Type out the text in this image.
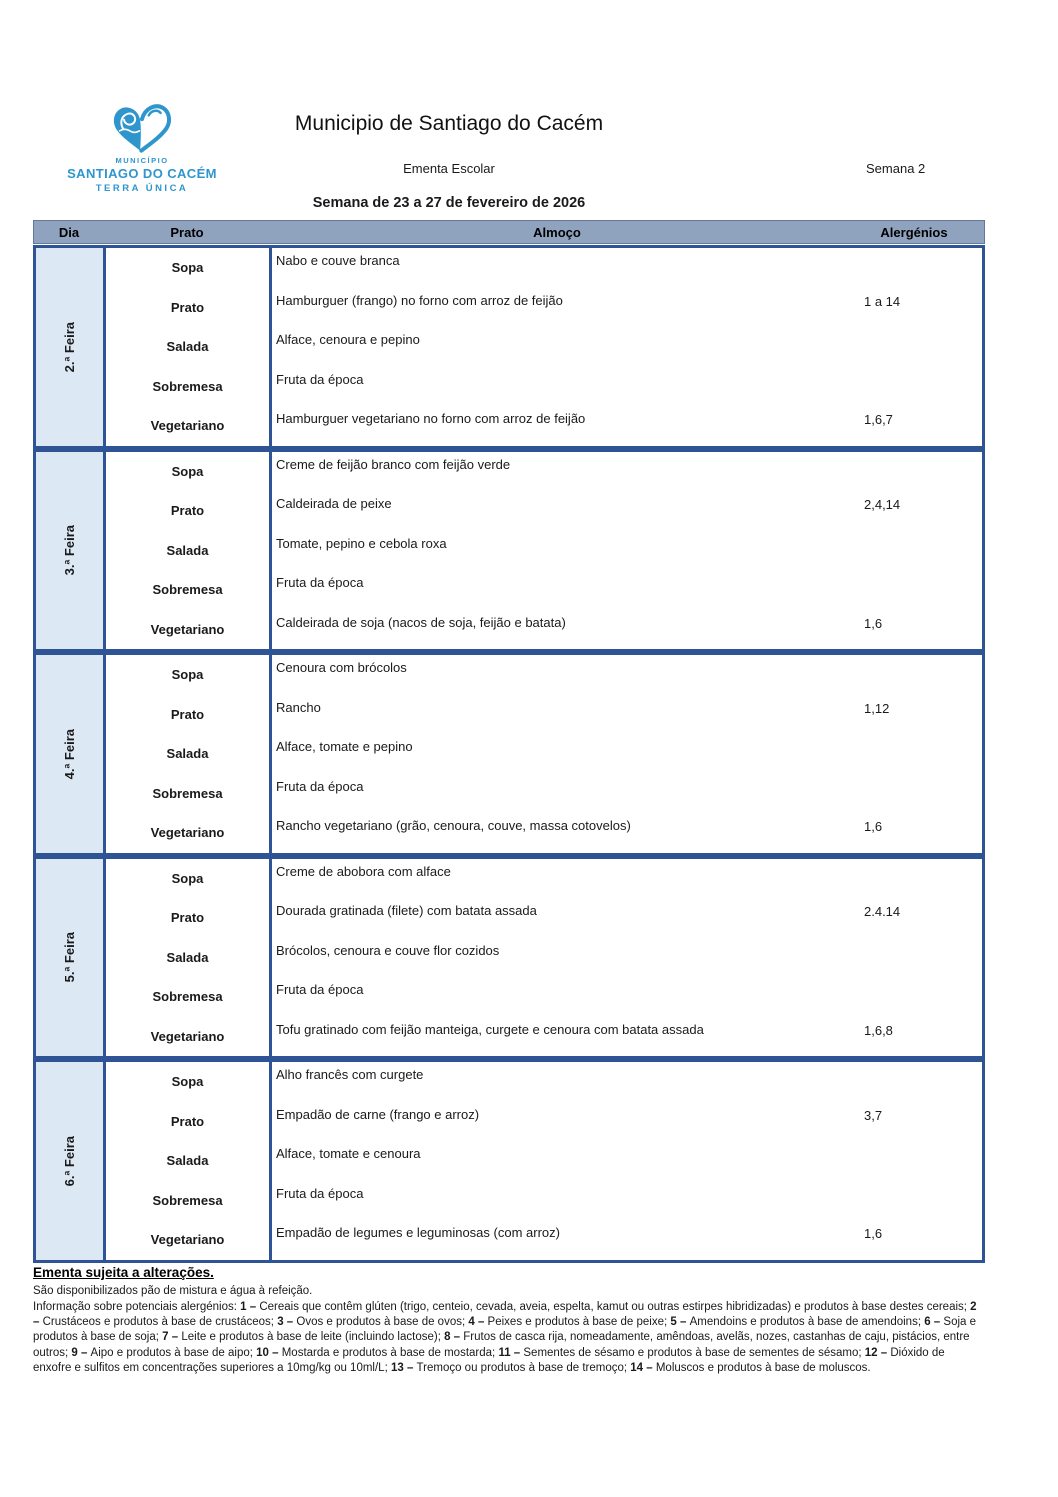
MUNICÍPIO
SANTIAGO DO CACÉM
TERRA ÚNICA
Municipio de Santiago do Cacém
Ementa Escolar	Semana 2
Semana de 23 a 27 de fevereiro de 2026
Dia	Prato	Almoço	Alergénios
2.ª Feira
Sopa	Nabo e couve branca
Prato	Hamburguer (frango) no forno com arroz de feijão	1 a 14
Salada	Alface, cenoura e pepino
Sobremesa	Fruta da época
Vegetariano	Hamburguer vegetariano no forno com arroz de feijão	1,6,7
3.ª Feira
Sopa	Creme de feijão branco com feijão verde
Prato	Caldeirada de peixe	2,4,14
Salada	Tomate, pepino e cebola roxa
Sobremesa	Fruta da época
Vegetariano	Caldeirada de soja (nacos de soja, feijão e batata)	1,6
4.ª Feira
Sopa	Cenoura com brócolos
Prato	Rancho	1,12
Salada	Alface, tomate e pepino
Sobremesa	Fruta da época
Vegetariano	Rancho vegetariano (grão, cenoura, couve, massa cotovelos)	1,6
5.ª Feira
Sopa	Creme de abobora com alface
Prato	Dourada gratinada (filete) com batata assada	2.4.14
Salada	Brócolos, cenoura e couve flor cozidos
Sobremesa	Fruta da época
Vegetariano	Tofu gratinado com feijão manteiga, curgete e cenoura com batata assada	1,6,8
6.ª Feira
Sopa	Alho francês com curgete
Prato	Empadão de carne (frango e arroz)	3,7
Salada	Alface, tomate e cenoura
Sobremesa	Fruta da época
Vegetariano	Empadão de legumes e leguminosas (com arroz)	1,6
Ementa sujeita a alterações.
São disponibilizados pão de mistura e água à refeição.
Informação sobre potenciais alergénios: 1 – Cereais que contêm glúten (trigo, centeio, cevada, aveia, espelta, kamut ou outras estirpes hibridizadas) e produtos à base destes cereais; 2 – Crustáceos e produtos à base de crustáceos; 3 – Ovos e produtos à base de ovos; 4 – Peixes e produtos à base de peixe; 5 – Amendoins e produtos à base de amendoins; 6 – Soja e produtos à base de soja; 7 – Leite e produtos à base de leite (incluindo lactose); 8 – Frutos de casca rija, nomeadamente, amêndoas, avelãs, nozes, castanhas de caju, pistácios, entre outros; 9 – Aipo e produtos à base de aipo; 10 – Mostarda e produtos à base de mostarda; 11 – Sementes de sésamo e produtos à base de sementes de sésamo; 12 – Dióxido de enxofre e sulfitos em concentrações superiores a 10mg/kg ou 10ml/L; 13 – Tremoço ou produtos à base de tremoço; 14 – Moluscos e produtos à base de moluscos.
